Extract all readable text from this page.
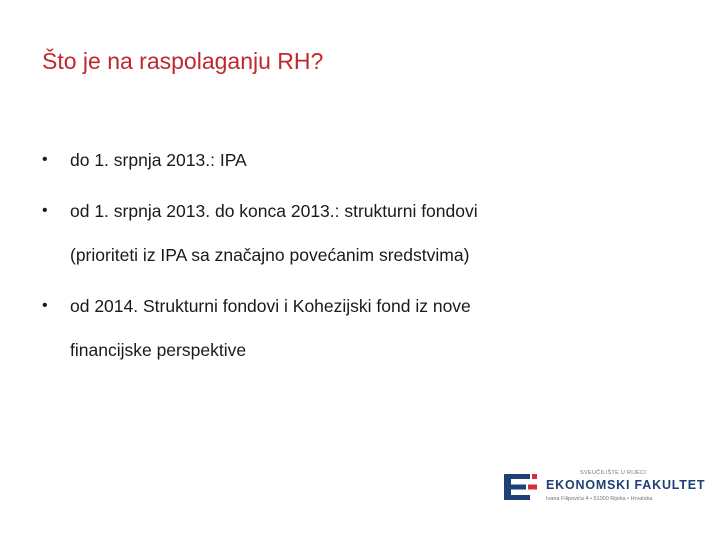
Što je na raspolaganju RH?
• do 1. srpnja 2013.: IPA
• od 1. srpnja 2013. do konca 2013.: strukturni fondovi
(prioriteti iz IPA sa značajno povećanim sredstvima)
• od 2014. Strukturni fondovi i Kohezijski fond iz nove
financijske perspektive
SVEUČILIŠTE U RIJECI
EKONOMSKI FAKULTET
Ivana Filipovića 4 • 51000 Rijeka • Hrvatska
